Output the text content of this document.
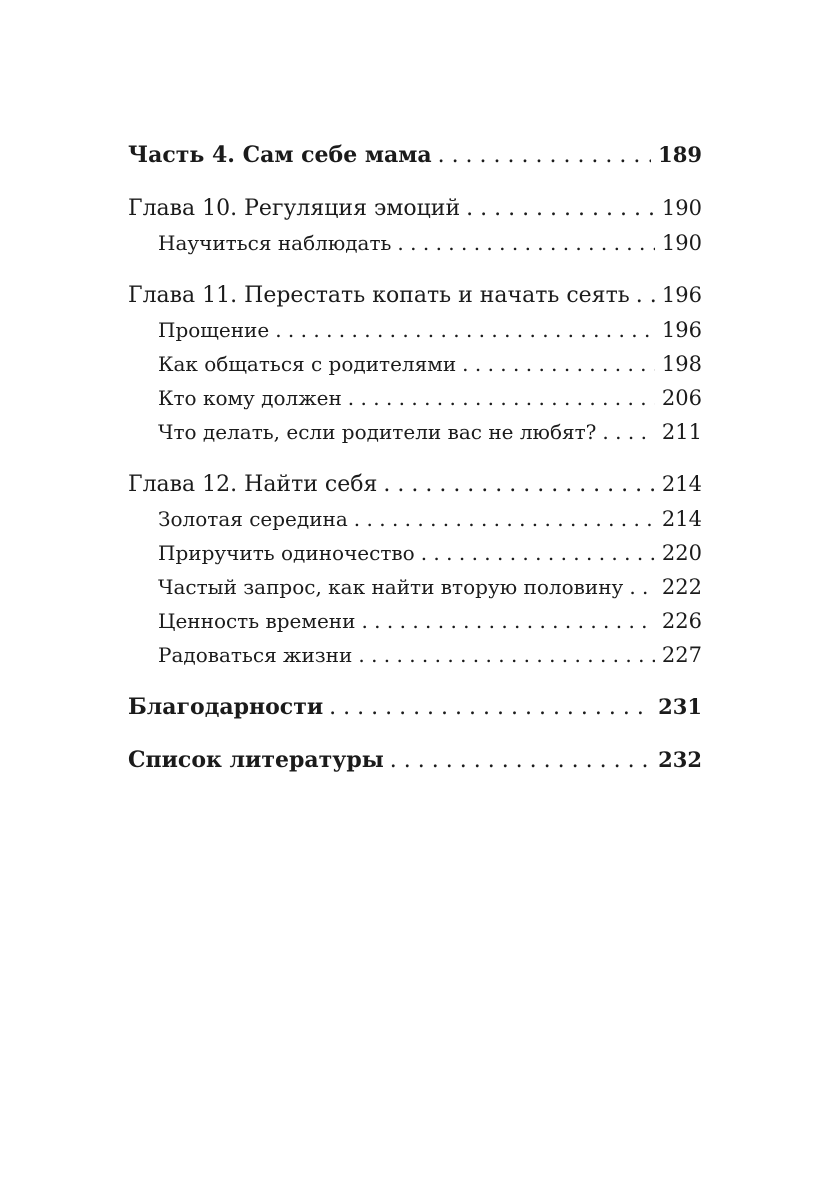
Часть 4. Сам себе мама . . .	189
Глава 10. Регуляция эмоций . . .	190
Научиться наблюдать . . .	190
Глава 11. Перестать копать и начать сеять . . . 196
Прощение . . .	196
Как общаться с родителями . . .	198
Кто кому должен . . .	206
Что делать, если родители вас не любят? . . .	211
Глава 12. Найти себя . . .	214
Золотая середина . . .	214
Приручить одиночество . . .	220
Частый запрос, как найти вторую половину . . . 222
Ценность времени . . .	226
Радоваться жизни . . .	227
Благодарности . . .	231
Список литературы . . .	232
